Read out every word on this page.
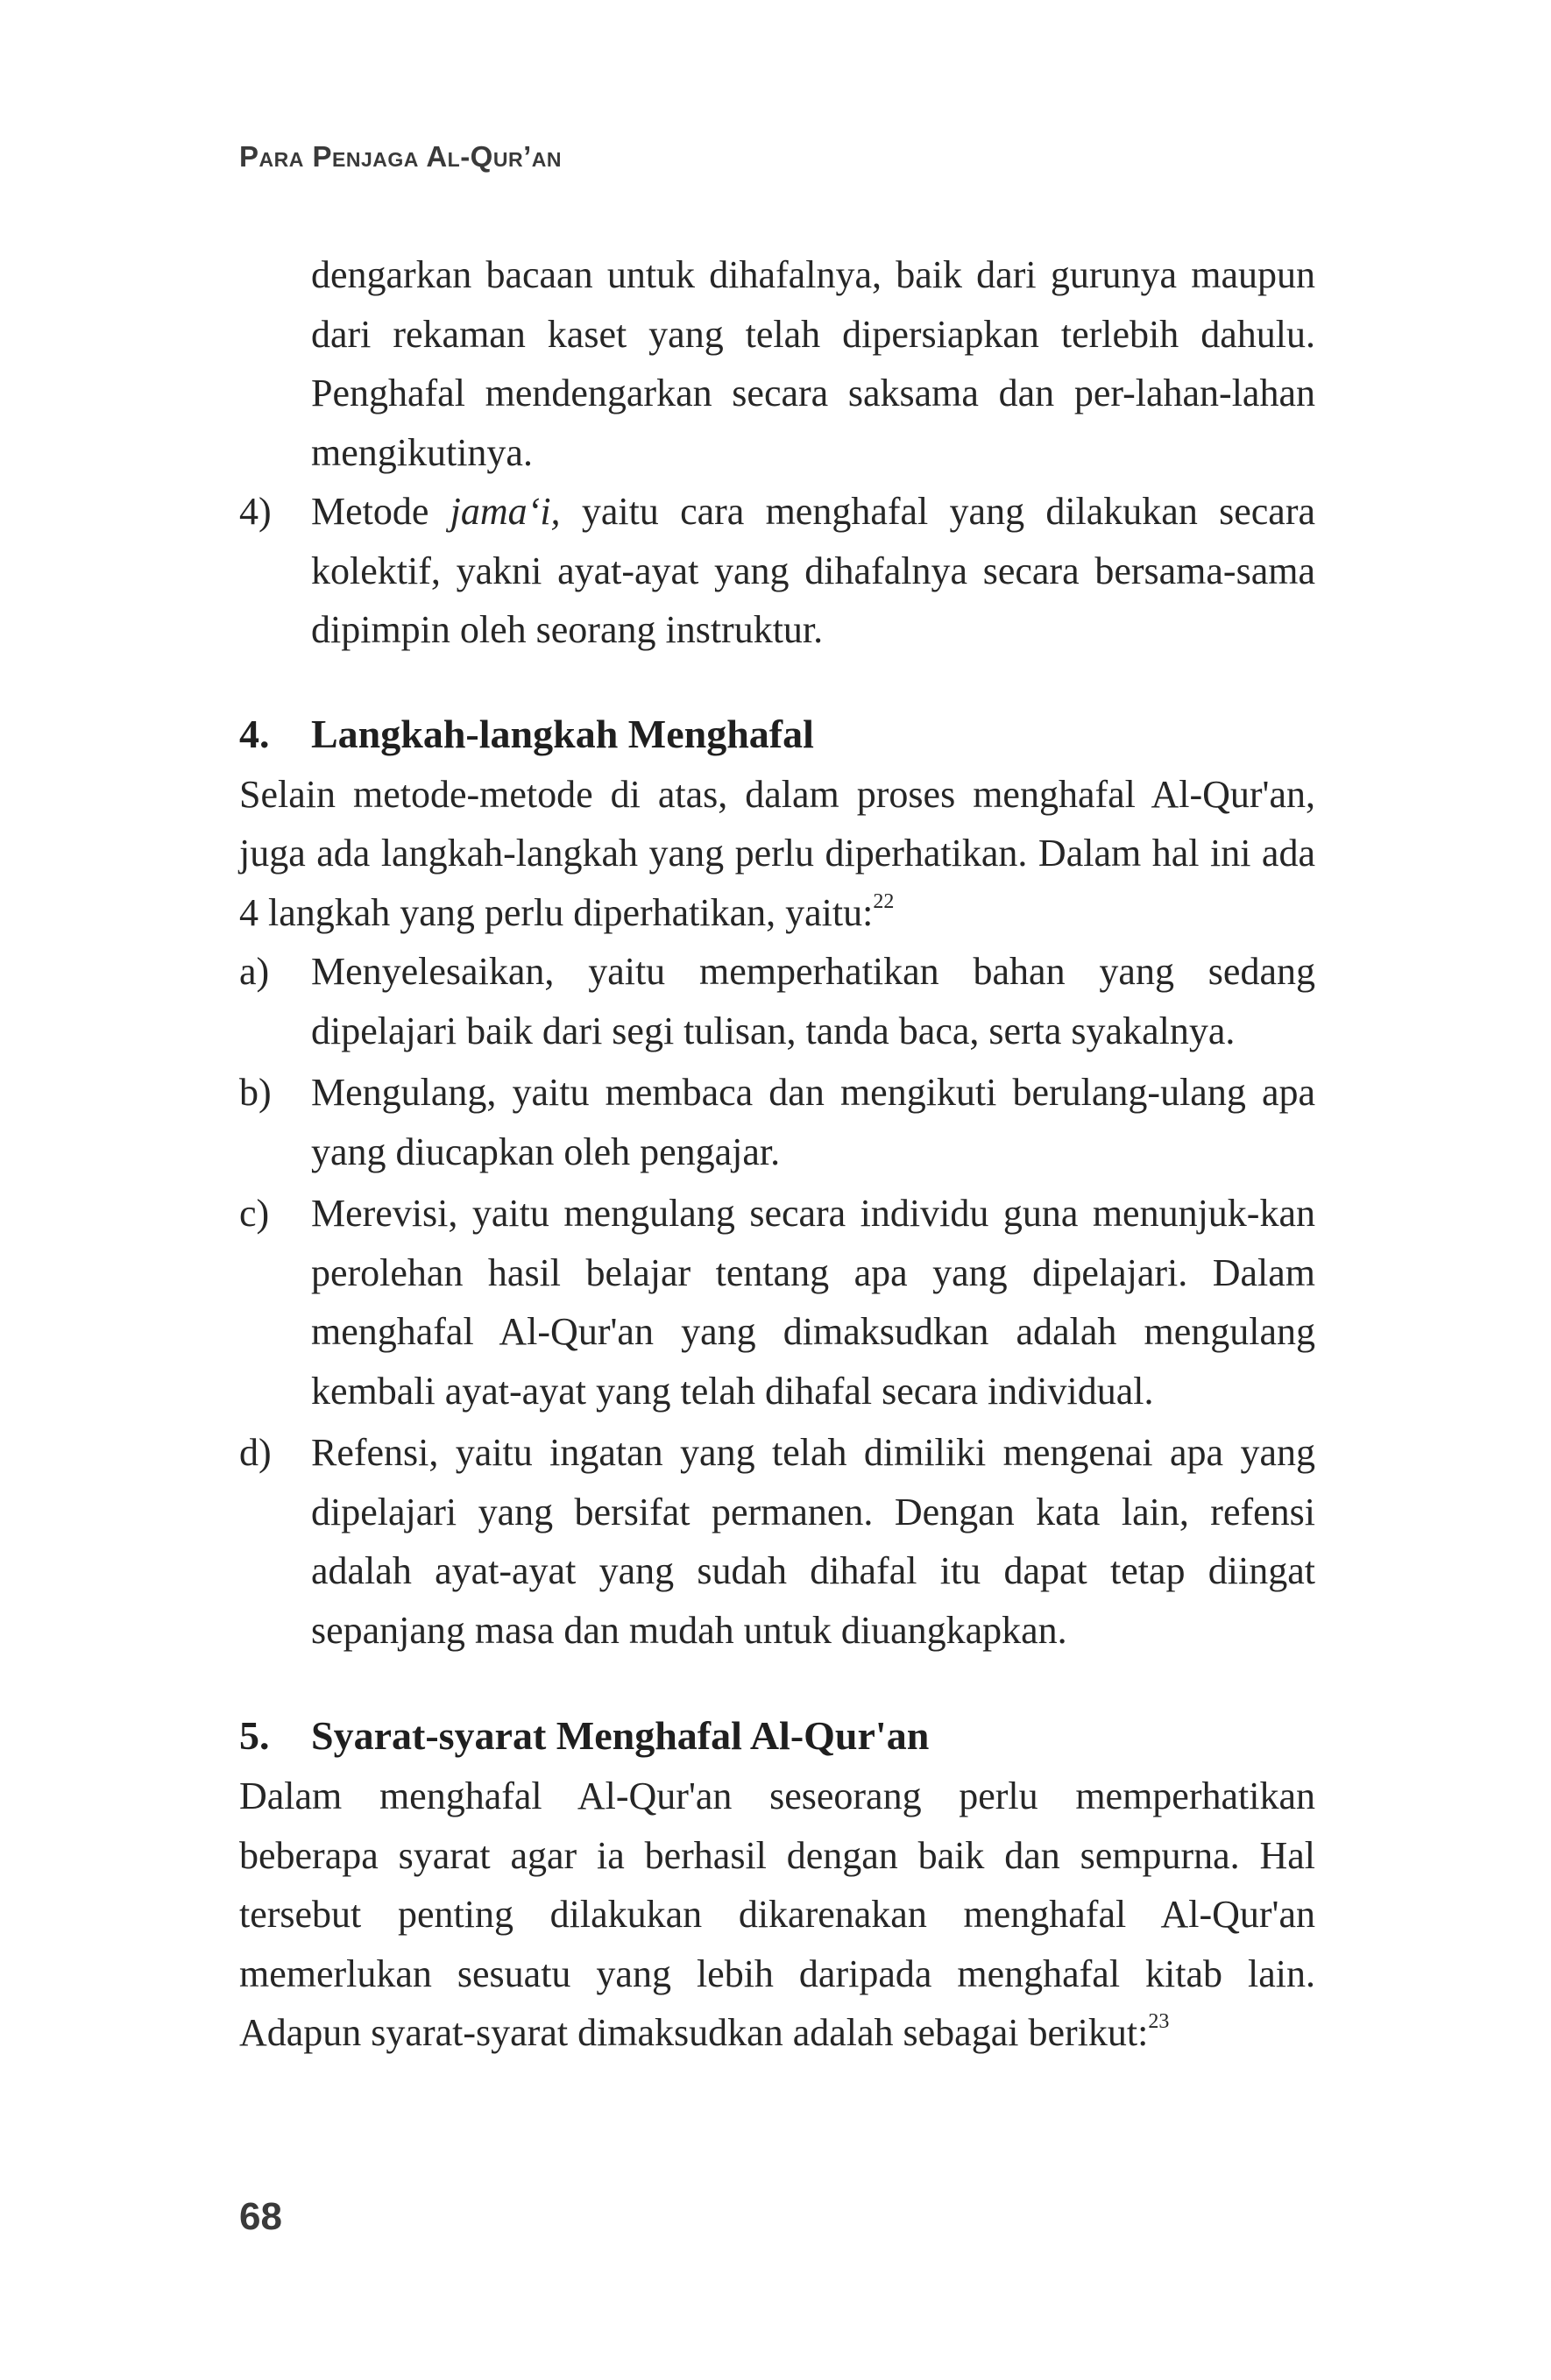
Para Penjaga Al-Qur’an

dengarkan bacaan untuk dihafalnya, baik dari gurunya maupun dari rekaman kaset yang telah dipersiapkan terlebih dahulu. Penghafal mendengarkan secara saksama dan per-lahan-lahan mengikutinya.

4)	Metode jama‘i, yaitu cara menghafal yang dilakukan secara kolektif, yakni ayat-ayat yang dihafalnya secara bersama-sama dipimpin oleh seorang instruktur.
4.	Langkah-langkah Menghafal

Selain metode-metode di atas, dalam proses menghafal Al-Qur'an, juga ada langkah-langkah yang perlu diperhatikan. Dalam hal ini ada 4 langkah yang perlu diperhatikan, yaitu:$^{22}$

a)	Menyelesaikan, yaitu memperhatikan bahan yang sedang dipelajari baik dari segi tulisan, tanda baca, serta syakalnya.
b)	Mengulang, yaitu membaca dan mengikuti berulang-ulang apa yang diucapkan oleh pengajar.
c)	Merevisi, yaitu mengulang secara individu guna menunjuk-kan perolehan hasil belajar tentang apa yang dipelajari. Dalam menghafal Al-Qur'an yang dimaksudkan adalah mengulang kembali ayat-ayat yang telah dihafal secara individual.
d)	Refensi, yaitu ingatan yang telah dimiliki mengenai apa yang dipelajari yang bersifat permanen. Dengan kata lain, refensi adalah ayat-ayat yang sudah dihafal itu dapat tetap diingat sepanjang masa dan mudah untuk diuangkapkan.
5.	Syarat-syarat Menghafal Al-Qur'an

Dalam menghafal Al-Qur'an seseorang perlu memperhatikan beberapa syarat agar ia berhasil dengan baik dan sempurna. Hal tersebut penting dilakukan dikarenakan menghafal Al-Qur'an memerlukan sesuatu yang lebih daripada menghafal kitab lain. Adapun syarat-syarat dimaksudkan adalah sebagai berikut:$^{23}$

68
